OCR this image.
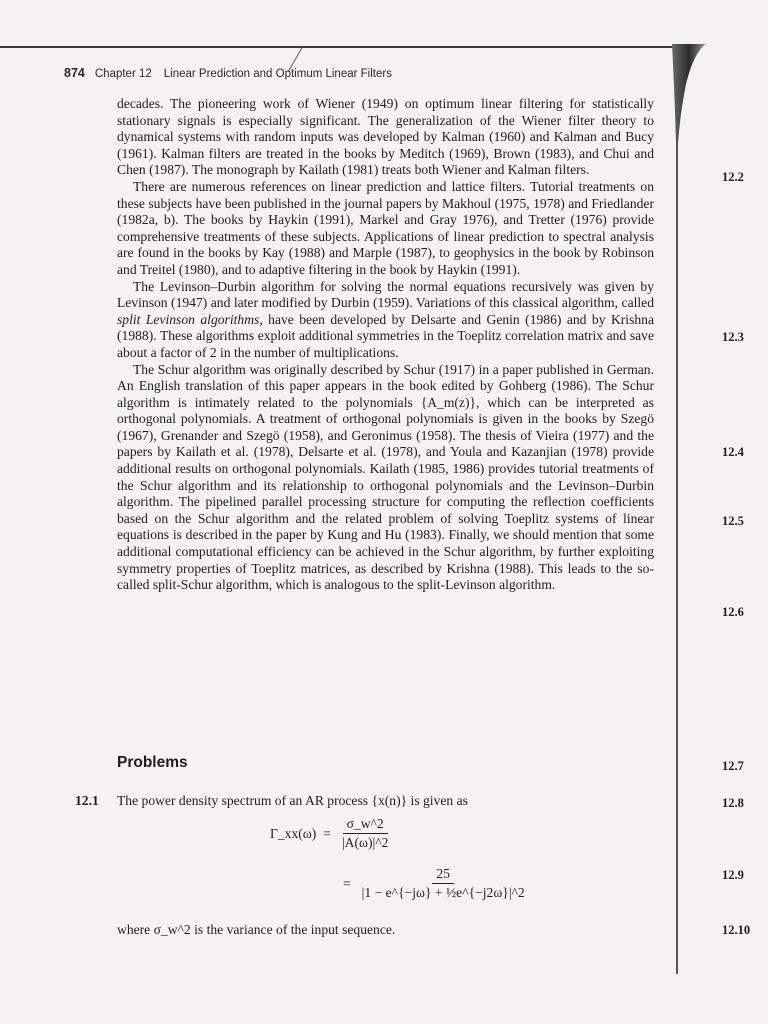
874 Chapter 12 Linear Prediction and Optimum Linear Filters

decades. The pioneering work of Wiener (1949) on optimum linear filtering for statistically stationary signals is especially significant. The generalization of the Wiener filter theory to dynamical systems with random inputs was developed by Kalman (1960) and Kalman and Bucy (1961). Kalman filters are treated in the books by Meditch (1969), Brown (1983), and Chui and Chen (1987). The monograph by Kailath (1981) treats both Wiener and Kalman filters.

There are numerous references on linear prediction and lattice filters. Tutorial treatments on these subjects have been published in the journal papers by Makhoul (1975, 1978) and Friedlander (1982a, b). The books by Haykin (1991), Markel and Gray 1976), and Tretter (1976) provide comprehensive treatments of these subjects. Applications of linear prediction to spectral analysis are found in the books by Kay (1988) and Marple (1987), to geophysics in the book by Robinson and Treitel (1980), and to adaptive filtering in the book by Haykin (1991).

The Levinson–Durbin algorithm for solving the normal equations recursively was given by Levinson (1947) and later modified by Durbin (1959). Variations of this classical algorithm, called split Levinson algorithms, have been developed by Delsarte and Genin (1986) and by Krishna (1988). These algorithms exploit additional symmetries in the Toeplitz correlation matrix and save about a factor of 2 in the number of multiplications.

The Schur algorithm was originally described by Schur (1917) in a paper published in German. An English translation of this paper appears in the book edited by Gohberg (1986). The Schur algorithm is intimately related to the polynomials {A_m(z)}, which can be interpreted as orthogonal polynomials. A treatment of orthogonal polynomials is given in the books by Szegö (1967), Grenander and Szegö (1958), and Geronimus (1958). The thesis of Vieira (1977) and the papers by Kailath et al. (1978), Delsarte et al. (1978), and Youla and Kazanjian (1978) provide additional results on orthogonal polynomials. Kailath (1985, 1986) provides tutorial treatments of the Schur algorithm and its relationship to orthogonal polynomials and the Levinson–Durbin algorithm. The pipelined parallel processing structure for computing the reflection coefficients based on the Schur algorithm and the related problem of solving Toeplitz systems of linear equations is described in the paper by Kung and Hu (1983). Finally, we should mention that some additional computational efficiency can be achieved in the Schur algorithm, by further exploiting symmetry properties of Toeplitz matrices, as described by Krishna (1988). This leads to the so-called split-Schur algorithm, which is analogous to the split-Levinson algorithm.

Problems
12.1 The power density spectrum of an AR process {x(n)} is given as
Γ_xx(ω) = $\frac{\sigma\_w\^{}2}{|A(\omega)|\^{}2}$
= $\frac{25}{\text{|1 − e\textasciicircum{}\{−jω\} + ½e\textasciicircum{}\{−j2ω\}|\textasciicircum{}2}}$
where σ_w^2 is the variance of the input sequence.
12.2
12.3
12.4
12.5
12.6
12.7
12.8
12.9
12.10
